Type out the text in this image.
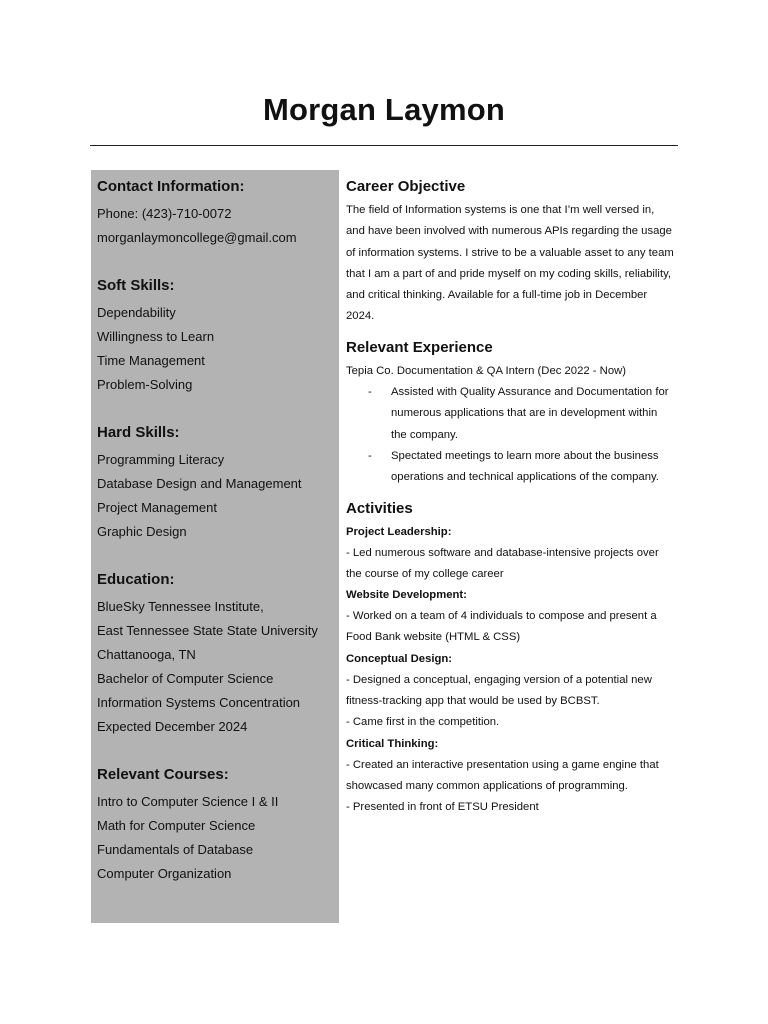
Morgan Laymon
Contact Information:
Phone: (423)-710-0072
morganlaymoncollege@gmail.com
Soft Skills:
Dependability
Willingness to Learn
Time Management
Problem-Solving
Hard Skills:
Programming Literacy
Database Design and Management
Project Management
Graphic Design
Education:
BlueSky Tennessee Institute,
East Tennessee State State University
Chattanooga, TN
Bachelor of Computer Science
Information Systems Concentration
Expected December 2024
Relevant Courses:
Intro to Computer Science I & II
Math for Computer Science
Fundamentals of Database
Computer Organization
Career Objective

The field of Information systems is one that I’m well versed in, and have been involved with numerous APIs regarding the usage of information systems. I strive to be a valuable asset to any team that I am a part of and pride myself on my coding skills, reliability, and critical thinking. Available for a full-time job in December 2024.

Relevant Experience

Tepia Co. Documentation & QA Intern (Dec 2022 - Now)

-	Assisted with Quality Assurance and Documentation for numerous applications that are in development within the company.
-	Spectated meetings to learn more about the business operations and technical applications of the company.
Activities

Project Leadership:

- Led numerous software and database-intensive projects over the course of my college career

Website Development:

- Worked on a team of 4 individuals to compose and present a Food Bank website (HTML & CSS)

Conceptual Design:

- Designed a conceptual, engaging version of a potential new fitness-tracking app that would be used by BCBST.

- Came first in the competition.

Critical Thinking:

- Created an interactive presentation using a game engine that showcased many common applications of programming.

- Presented in front of ETSU President
